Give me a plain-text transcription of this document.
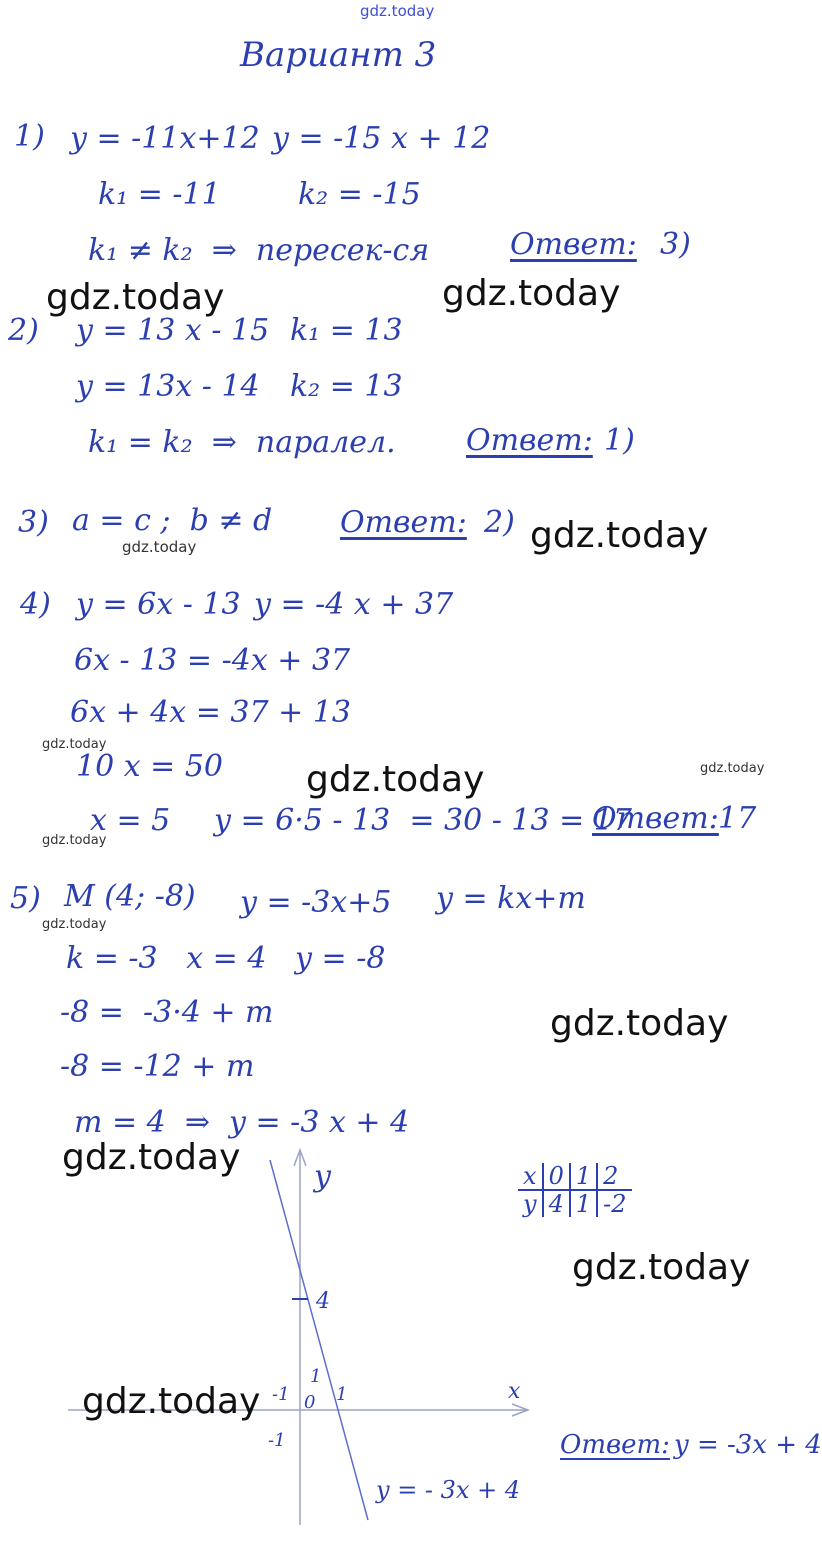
gdz.today
Вариант 3
1) y = -11x+12 y = -15 x + 12
k₁ = -11	k₂ = -15
k₁ ≠ k₂  ⇒  пересек-ся	Ответ: 3)
2) y = 13 x - 15 k₁ = 13
y = 13x - 14 k₂ = 13
k₁ = k₂  ⇒  паралел. Ответ: 1)
3) a = c ;  b ≠ d Ответ: 2)
4) y = 6x - 13 y = -4 x + 37
6x - 13 = -4x + 37
6x + 4x = 37 + 13
10 x = 50
x = 5 y = 6·5 - 13  = 30 - 13 = 17
Ответ: 17
5) M (4; -8) y = -3x+5 y = kx+m
k = -3   x = 4   y = -8
-8 =  -3·4 + m
-8 = -12 + m
m = 4  ⇒  y = -3 x + 4
x	0	1	2
y	4	1	-2
y
x
4
1
-1 0 1
-1
y = - 3x + 4
Ответ: y = -3x + 4
gdz.today	gdz.today
gdz.today
gdz.today
gdz.today
gdz.today
gdz.today
gdz.today
gdz.today
gdz.today
gdz.today
gdz.today
gdz.today
